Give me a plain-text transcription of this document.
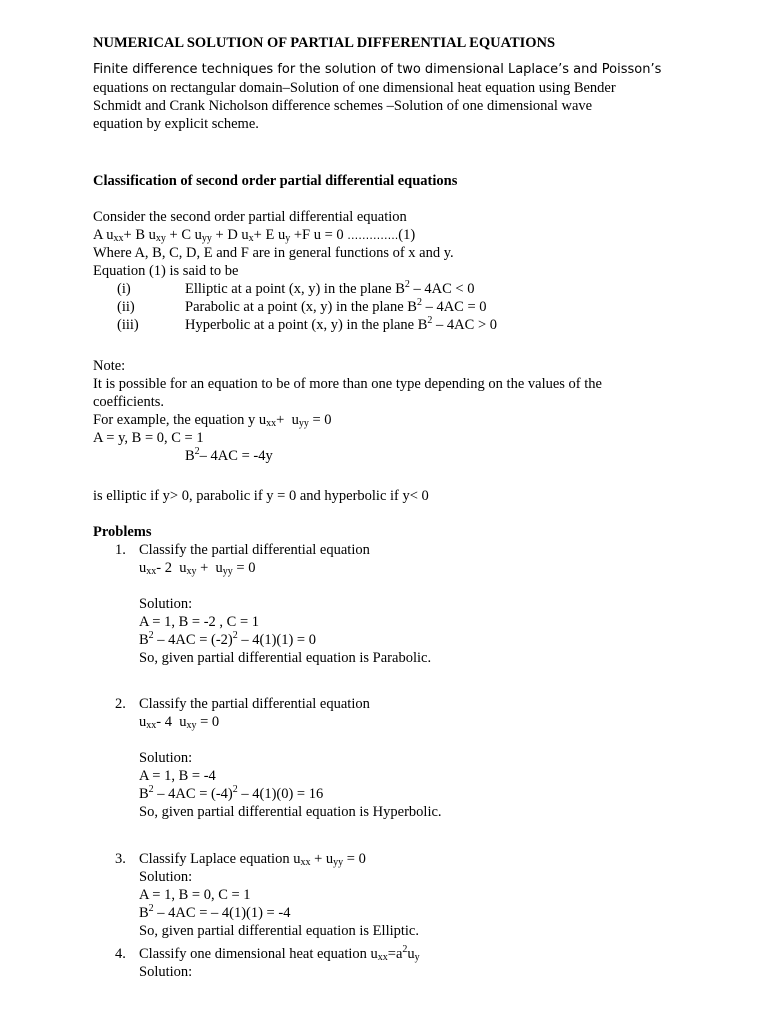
NUMERICAL SOLUTION OF PARTIAL DIFFERENTIAL EQUATIONS
Finite difference techniques for the solution of two dimensional Laplace’s and Poisson’s
equations on rectangular domain–Solution of one dimensional heat equation using Bender
Schmidt and Crank Nicholson difference schemes –Solution of one dimensional wave
equation by explicit scheme.
Classification of second order partial differential equations
Consider the second order partial differential equation
A $u_{xx}+ B$ $u_{xy} + C$ $u_{yy} + D$ $u_x+ E$ $u_y +F$ u = 0 …………..(1)
Where A, B, C, D, E and F are in general functions of x and y.
Equation (1) is said to be
(i)	Elliptic at a point (x, y) in the plane $B^2 - 4AC < 0$
(ii)	Parabolic at a point (x, y) in the plane $B^2 - 4AC = 0$
(iii)	Hyperbolic at a point (x, y) in the plane $B^2 - 4AC > 0$
Note:
It is possible for an equation to be of more than one type depending on the values of the
coefficients.
For example, the equation y $u_{xx}+ u_{yy} = 0$
A = y, B = 0, C = 1
$B^2-$ 4AC = -4y
is elliptic if y> 0, parabolic if y = 0 and hyperbolic if y< 0
Problems
1. Classify the partial differential equation
$u_{xx}-$ 2  $u_{xy} + u_{yy} = 0$
Solution:
A = 1, B = -2 , C = 1
$B^2 - 4AC = (-2)^2 - 4(1)(1) = 0$
So, given partial differential equation is Parabolic.
2. Classify the partial differential equation
$u_{xx}-$ 4  $u_{xy} = 0$
Solution:
A = 1, B = -4
$B^2 - 4AC = (-4)^2 - 4(1)(0) = 16$
So, given partial differential equation is Hyperbolic.
3. Classify Laplace equation $u_{xx} + u_{yy} = 0$
Solution:
A = 1, B = 0, C = 1
$B^2 - 4AC$ = – 4(1)(1) = -4
So, given partial differential equation is Elliptic.
4. Classify one dimensional heat equation $u_{xx}=a^2u_y$
Solution:
